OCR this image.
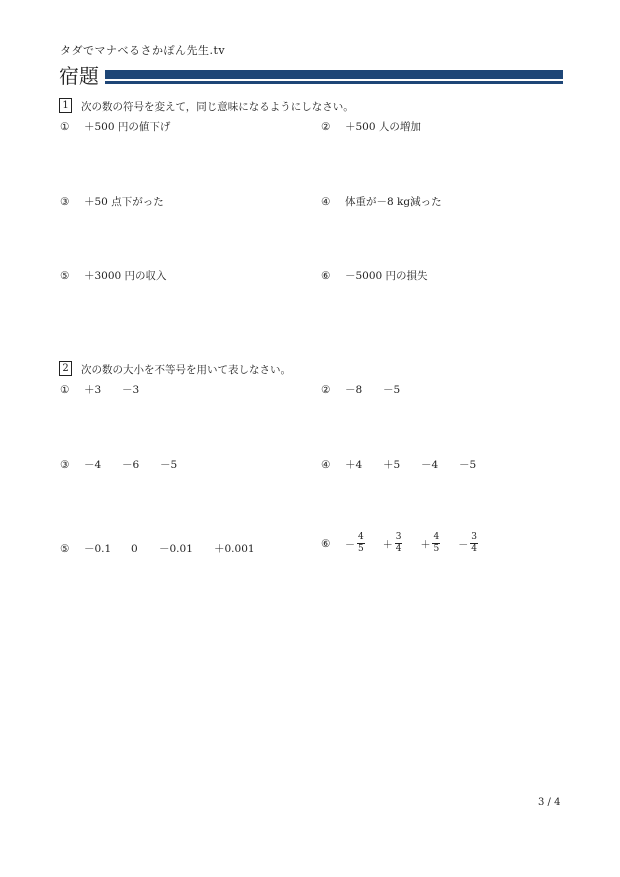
タダでマナべるさかぽん先生.tv
宿題
1	次の数の符号を変えて，同じ意味になるようにしなさい。
①	＋500 円の値下げ	②	＋500 人の増加
③	＋50 点下がった	④	体重が－8 kg減った
⑤	＋3000 円の収入	⑥	－5000 円の損失
2	次の数の大小を不等号を用いて表しなさい。
①	＋3	－3	②	－8	－5
③	－4	－6	－5	④	＋4	＋5	－4	－5
⑤	－0.1	0	－0.01	＋0.001	⑥	－ $\frac{4}{5} + \frac{3}{4} + \frac{4}{5} - \frac{3}{4}$
3 / 4
